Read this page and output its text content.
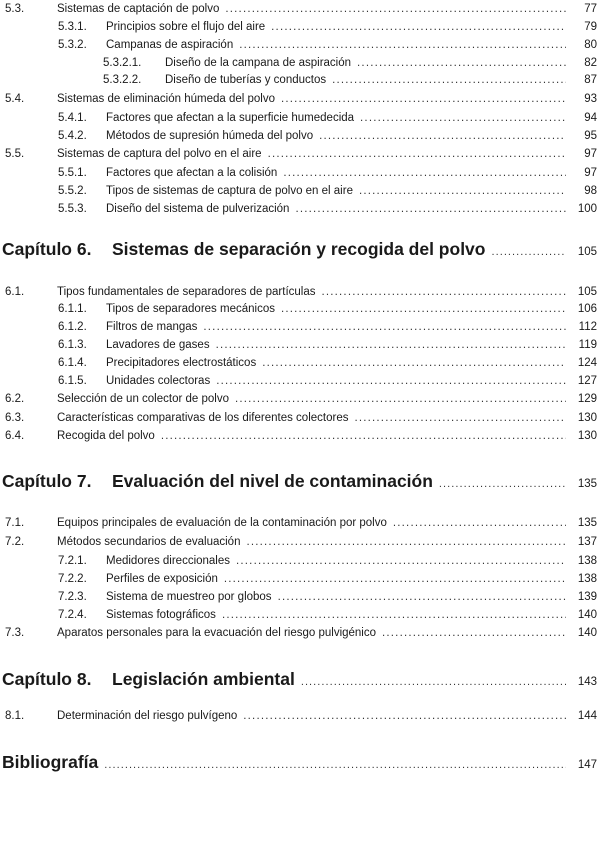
5.3.	Sistemas de captación de polvo . . .	77
5.3.1.	Principios sobre el flujo del aire . . .	79
5.3.2.	Campanas de aspiración . . .	80
5.3.2.1.	Diseño de la campana de aspiración . . .	82
5.3.2.2.	Diseño de tuberías y conductos . . .	87
5.4.	Sistemas de eliminación húmeda del polvo . . .	93
5.4.1.	Factores que afectan a la superficie humedecida . . .	94
5.4.2.	Métodos de supresión húmeda del polvo . . .	95
5.5.	Sistemas de captura del polvo en el aire . . .	97
5.5.1.	Factores que afectan a la colisión . . .	97
5.5.2.	Tipos de sistemas de captura de polvo en el aire . . .	98
5.5.3.	Diseño del sistema de pulverización . . .	100
Capítulo 6.	Sistemas de separación y recogida del polvo . . .	105
6.1.	Tipos fundamentales de separadores de partículas . . .	105
6.1.1.	Tipos de separadores mecánicos . . .	106
6.1.2.	Filtros de mangas . . .	112
6.1.3.	Lavadores de gases . . .	119
6.1.4.	Precipitadores electrostáticos . . .	124
6.1.5.	Unidades colectoras . . .	127
6.2.	Selección de un colector de polvo . . .	129
6.3.	Características comparativas de los diferentes colectores . . .	130
6.4.	Recogida del polvo . . .	130
Capítulo 7.	Evaluación del nivel de contaminación . . .	135
7.1.	Equipos principales de evaluación de la contaminación por polvo . . .	135
7.2.	Métodos secundarios de evaluación . . .	137
7.2.1.	Medidores direccionales . . .	138
7.2.2.	Perfiles de exposición . . .	138
7.2.3.	Sistema de muestreo por globos . . .	139
7.2.4.	Sistemas fotográficos . . .	140
7.3.	Aparatos personales para la evacuación del riesgo pulvigénico . . .	140
Capítulo 8.	Legislación ambiental . . .	143
8.1.	Determinación del riesgo pulvígeno . . .	144
Bibliografía . . .	147
